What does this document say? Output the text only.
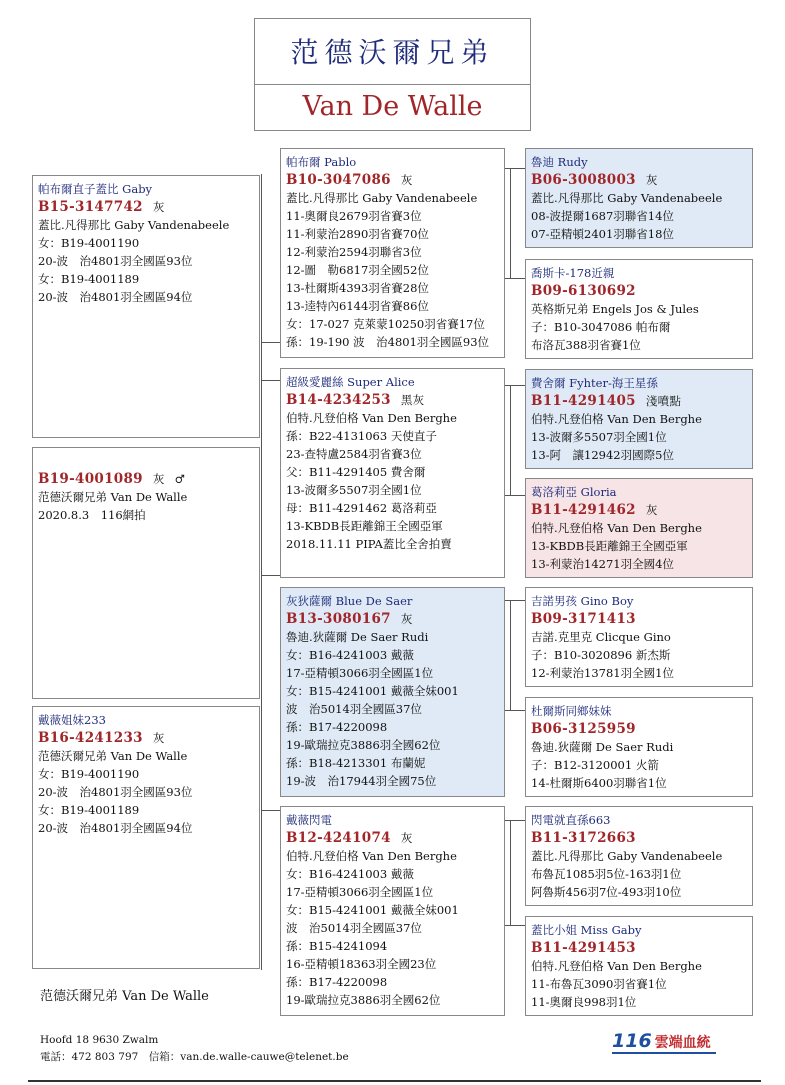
范德沃爾兄弟
Van De Walle
B19-4001089 灰 ♂
范德沃爾兄弟 Van De Walle
2020.8.3　116網拍
帕布爾直子蓋比 Gaby
B15-3147742 灰
蓋比.凡得那比 Gaby Vandenabeele
女：B19-4001190
20-波　治4801羽全國區93位
女：B19-4001189
20-波　治4801羽全國區94位
戴薇姐妹233
B16-4241233 灰
范德沃爾兄弟 Van De Walle
女：B19-4001190
20-波　治4801羽全國區93位
女：B19-4001189
20-波　治4801羽全國區94位
帕布爾 Pablo
B10-3047086 灰
蓋比.凡得那比 Gaby Vandenabeele
11-奧爾良2679羽省賽3位
11-利蒙治2890羽省賽70位
12-利蒙治2594羽聯省3位
12-圖　勒6817羽全國52位
13-杜爾斯4393羽省賽28位
13-逵特內6144羽省賽86位
女：17-027 克萊蒙10250羽省賽17位
孫：19-190 波　治4801羽全國區93位
超級愛麗絲 Super Alice
B14-4234253 黑灰
伯特.凡登伯格 Van Den Berghe
孫：B22-4131063 天使直子
23-查特盧2584羽省賽3位
父：B11-4291405 費舍爾
13-波爾多5507羽全國1位
母：B11-4291462 葛洛莉亞
13-KBDB長距離錦王全國亞軍
2018.11.11 PIPA蓋比全舍拍賣
灰狄薩爾 Blue De Saer
B13-3080167 灰
魯迪.狄薩爾 De Saer Rudi
女：B16-4241003 戴薇
17-亞精頓3066羽全國區1位
女：B15-4241001 戴薇全妹001
波　治5014羽全國區37位
孫：B17-4220098
19-歐瑞拉克3886羽全國62位
孫：B18-4213301 布蘭妮
19-波　治17944羽全國75位
戴薇閃電
B12-4241074 灰
伯特.凡登伯格 Van Den Berghe
女：B16-4241003 戴薇
17-亞精頓3066羽全國區1位
女：B15-4241001 戴薇全妹001
波　治5014羽全國區37位
孫：B15-4241094
16-亞精頓18363羽全國23位
孫：B17-4220098
19-歐瑞拉克3886羽全國62位
魯迪 Rudy
B06-3008003 灰
蓋比.凡得那比 Gaby Vandenabeele
08-波提爾1687羽聯省14位
07-亞精頓2401羽聯省18位
喬斯卡-178近親
B09-6130692
英格斯兄弟 Engels Jos & Jules
子：B10-3047086 帕布爾
布洛瓦388羽省賽1位
費舍爾 Fyhter-海王星孫
B11-4291405 淺噴點
伯特.凡登伯格 Van Den Berghe
13-波爾多5507羽全國1位
13-阿　讓12942羽國際5位
葛洛莉亞 Gloria
B11-4291462 灰
伯特.凡登伯格 Van Den Berghe
13-KBDB長距離錦王全國亞軍
13-利蒙治14271羽全國4位
吉諾男孩 Gino Boy
B09-3171413
吉諾.克里克 Clicque Gino
子：B10-3020896 新杰斯
12-利蒙治13781羽全國1位
杜爾斯同鄉妹妹
B06-3125959
魯迪.狄薩爾 De Saer Rudi
子：B12-3120001 火箭
14-杜爾斯6400羽聯省1位
閃電就直孫663
B11-3172663
蓋比.凡得那比 Gaby Vandenabeele
布魯瓦1085羽5位-163羽1位
阿魯斯456羽7位-493羽10位
蓋比小姐 Miss Gaby
B11-4291453
伯特.凡登伯格 Van Den Berghe
11-布魯瓦3090羽省賽1位
11-奧爾良998羽1位
范德沃爾兄弟 Van De Walle
Hoofd 18 9630 Zwalm
電話：472 803 797　信箱：van.de.walle-cauwe@telenet.be
116 雲端血統
